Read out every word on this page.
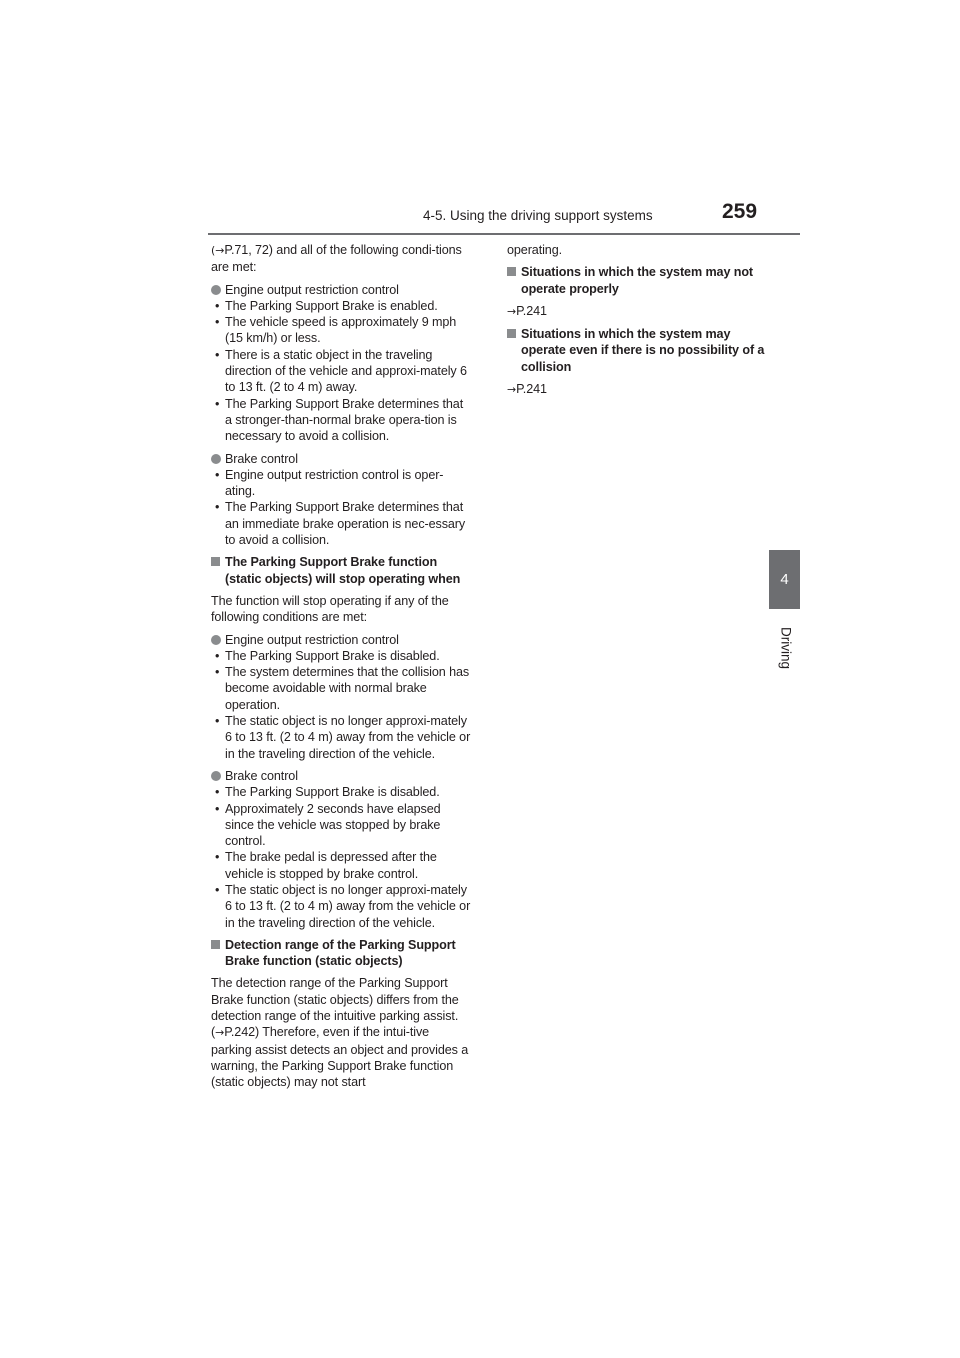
4-5. Using the driving support systems	259
4
Driving

(→P.71, 72) and all of the following condi-tions are met:

Engine output restriction control
• The Parking Support Brake is enabled.
• The vehicle speed is approximately 9 mph (15 km/h) or less.
• There is a static object in the traveling direction of the vehicle and approxi-mately 6 to 13 ft. (2 to 4 m) away.
• The Parking Support Brake determines that a stronger-than-normal brake opera-tion is necessary to avoid a collision.
Brake control
• Engine output restriction control is oper-ating.
• The Parking Support Brake determines that an immediate brake operation is nec-essary to avoid a collision.
The Parking Support Brake function (static objects) will stop operating when

The function will stop operating if any of the following conditions are met:

Engine output restriction control
• The Parking Support Brake is disabled.
• The system determines that the collision has become avoidable with normal brake operation.
• The static object is no longer approxi-mately 6 to 13 ft. (2 to 4 m) away from the vehicle or in the traveling direction of the vehicle.
Brake control
• The Parking Support Brake is disabled.
• Approximately 2 seconds have elapsed since the vehicle was stopped by brake control.
• The brake pedal is depressed after the vehicle is stopped by brake control.
• The static object is no longer approxi-mately 6 to 13 ft. (2 to 4 m) away from the vehicle or in the traveling direction of the vehicle.
Detection range of the Parking Support Brake function (static objects)

The detection range of the Parking Support Brake function (static objects) differs from the detection range of the intuitive parking assist. (→P.242) Therefore, even if the intui-tive parking assist detects an object and provides a warning, the Parking Support Brake function (static objects) may not start

operating.

Situations in which the system may not operate properly

→P.241

Situations in which the system may operate even if there is no possibility of a collision

→P.241
